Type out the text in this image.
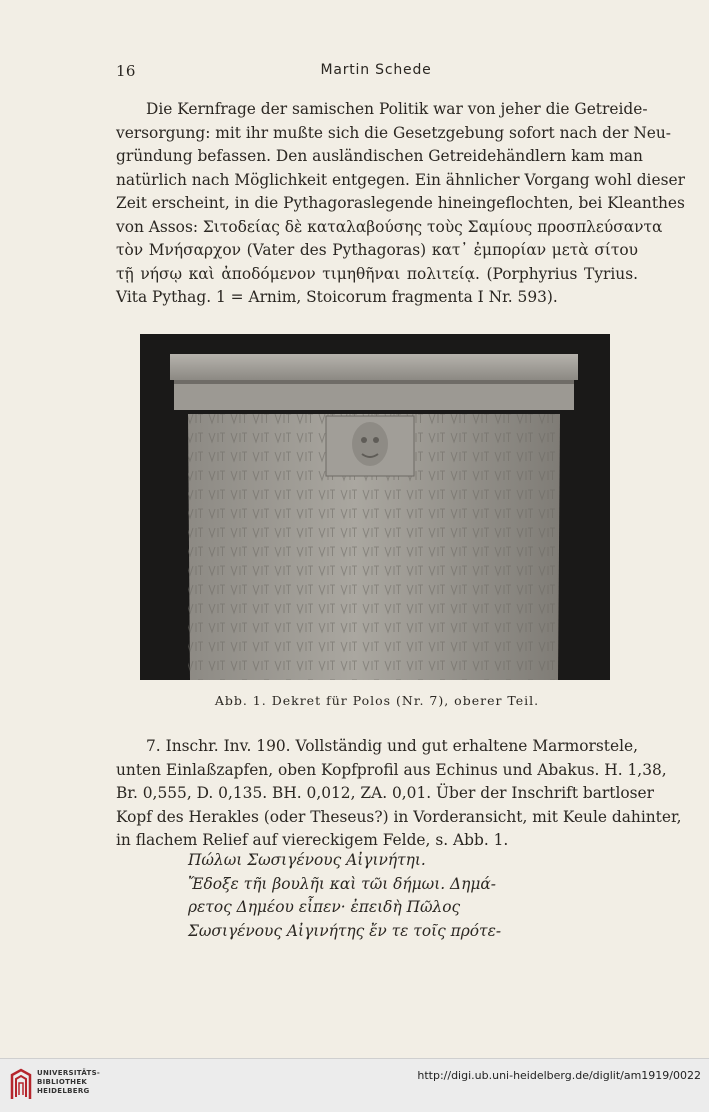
16	Martin Schede
Die Kernfrage der samischen Politik war von jeher die Getreide-
versorgung: mit ihr mußte sich die Gesetzgebung sofort nach der Neu-
gründung befassen. Den ausländischen Getreidehändlern kam man
natürlich nach Möglichkeit entgegen. Ein ähnlicher Vorgang wohl dieser
Zeit erscheint, in die Pythagoraslegende hineingeflochten, bei Kleanthes
von Assos: Σιτοδείας δὲ καταλαβούσης τοὺς Σαμίους προσπλεύσαντα
τὸν Μνήσαρχον (Vater des Pythagoras) κατ᾽ ἐμπορίαν μετὰ σίτου
τῇ νήσῳ καὶ ἀποδόμενον τιμηθῆναι πολιτείᾳ. (Porphyrius Tyrius.
Vita Pythag. 1 = Arnim, Stoicorum fragmenta I Nr. 593).
Abb. 1. Dekret für Polos (Nr. 7), oberer Teil.
7. Inschr. Inv. 190. Vollständig und gut erhaltene Marmorstele,
unten Einlaßzapfen, oben Kopfprofil aus Echinus und Abakus. H. 1,38,
Br. 0,555, D. 0,135. BH. 0,012, ZA. 0,01. Über der Inschrift bartloser
Kopf des Herakles (oder Theseus?) in Vorderansicht, mit Keule dahinter,
in flachem Relief auf viereckigem Felde, s. Abb. 1.
Πώλωι Σωσιγένους Αἰγινήτηι.
Ἔδοξε τῆι βουλῆι καὶ τῶι δήμωι. Δημά-
ρετος Δημέου εἶπεν· ἐπειδὴ Πῶλος
Σωσιγένους Αἰγινήτης ἔν τε τοῖς πρότε-
UNIVERSITÄTS-
BIBLIOTHEK
HEIDELBERG
http://digi.ub.uni-heidelberg.de/diglit/am1919/0022
